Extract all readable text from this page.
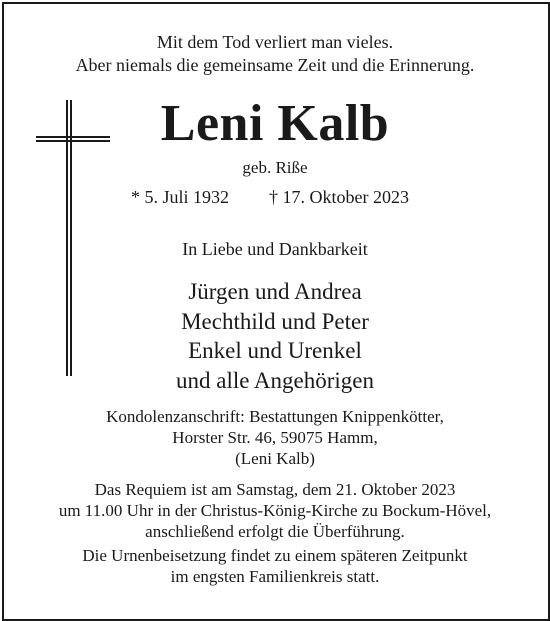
Mit dem Tod verliert man vieles.
Aber niemals die gemeinsame Zeit und die Erinnerung.
Leni Kalb
geb. Riße
* 5. Juli 1932 † 17. Oktober 2023
In Liebe und Dankbarkeit
Jürgen und Andrea
Mechthild und Peter
Enkel und Urenkel
und alle Angehörigen
Kondolenzanschrift: Bestattungen Knippenkötter,
Horster Str. 46, 59075 Hamm,
(Leni Kalb)
Das Requiem ist am Samstag, dem 21. Oktober 2023
um 11.00 Uhr in der Christus-König-Kirche zu Bockum-Hövel,
anschließend erfolgt die Überführung.
Die Urnenbeisetzung findet zu einem späteren Zeitpunkt
im engsten Familienkreis statt.
